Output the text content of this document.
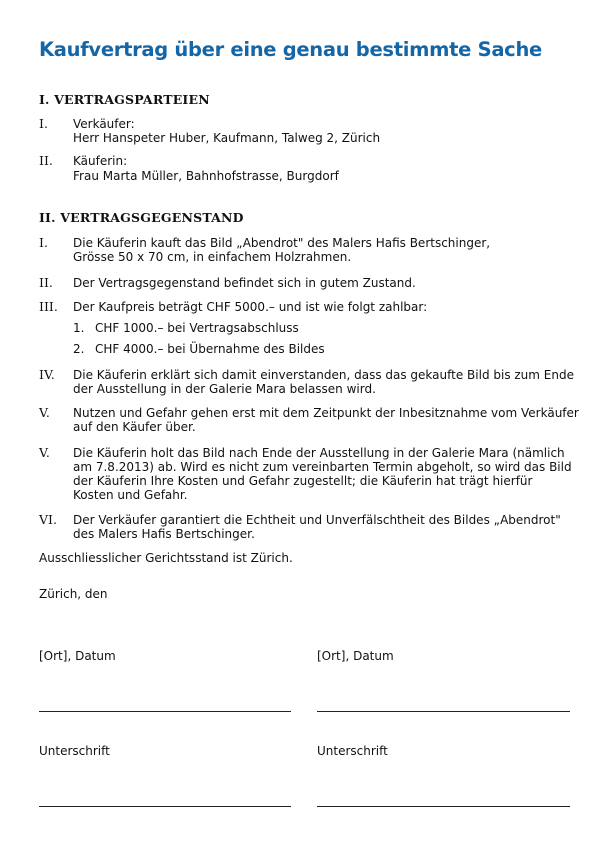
Kaufvertrag über eine genau bestimmte Sache
I. VERTRAGSPARTEIEN
I. Verkäufer:
Herr Hanspeter Huber, Kaufmann, Talweg 2, Zürich
II. Käuferin:
Frau Marta Müller, Bahnhofstrasse, Burgdorf
II. VERTRAGSGEGENSTAND
I. Die Käuferin kauft das Bild „Abendrot" des Malers Hafis Bertschinger,
Grösse 50 x 70 cm, in einfachem Holzrahmen.
II. Der Vertragsgegenstand befindet sich in gutem Zustand.
III. Der Kaufpreis beträgt CHF 5000.– und ist wie folgt zahlbar:
1. CHF 1000.– bei Vertragsabschluss
2. CHF 4000.– bei Übernahme des Bildes
IV. Die Käuferin erklärt sich damit einverstanden, dass das gekaufte Bild bis zum Ende
der Ausstellung in der Galerie Mara belassen wird.
V. Nutzen und Gefahr gehen erst mit dem Zeitpunkt der Inbesitznahme vom Verkäufer
auf den Käufer über.
V. Die Käuferin holt das Bild nach Ende der Ausstellung in der Galerie Mara (nämlich
am 7.8.2013) ab. Wird es nicht zum vereinbarten Termin abgeholt, so wird das Bild
der Käuferin Ihre Kosten und Gefahr zugestellt; die Käuferin hat trägt hierfür
Kosten und Gefahr.
VI. Der Verkäufer garantiert die Echtheit und Unverfälschtheit des Bildes „Abendrot"
des Malers Hafis Bertschinger.
Ausschliesslicher Gerichtsstand ist Zürich.
Zürich, den
[Ort], Datum	[Ort], Datum
Unterschrift	Unterschrift
